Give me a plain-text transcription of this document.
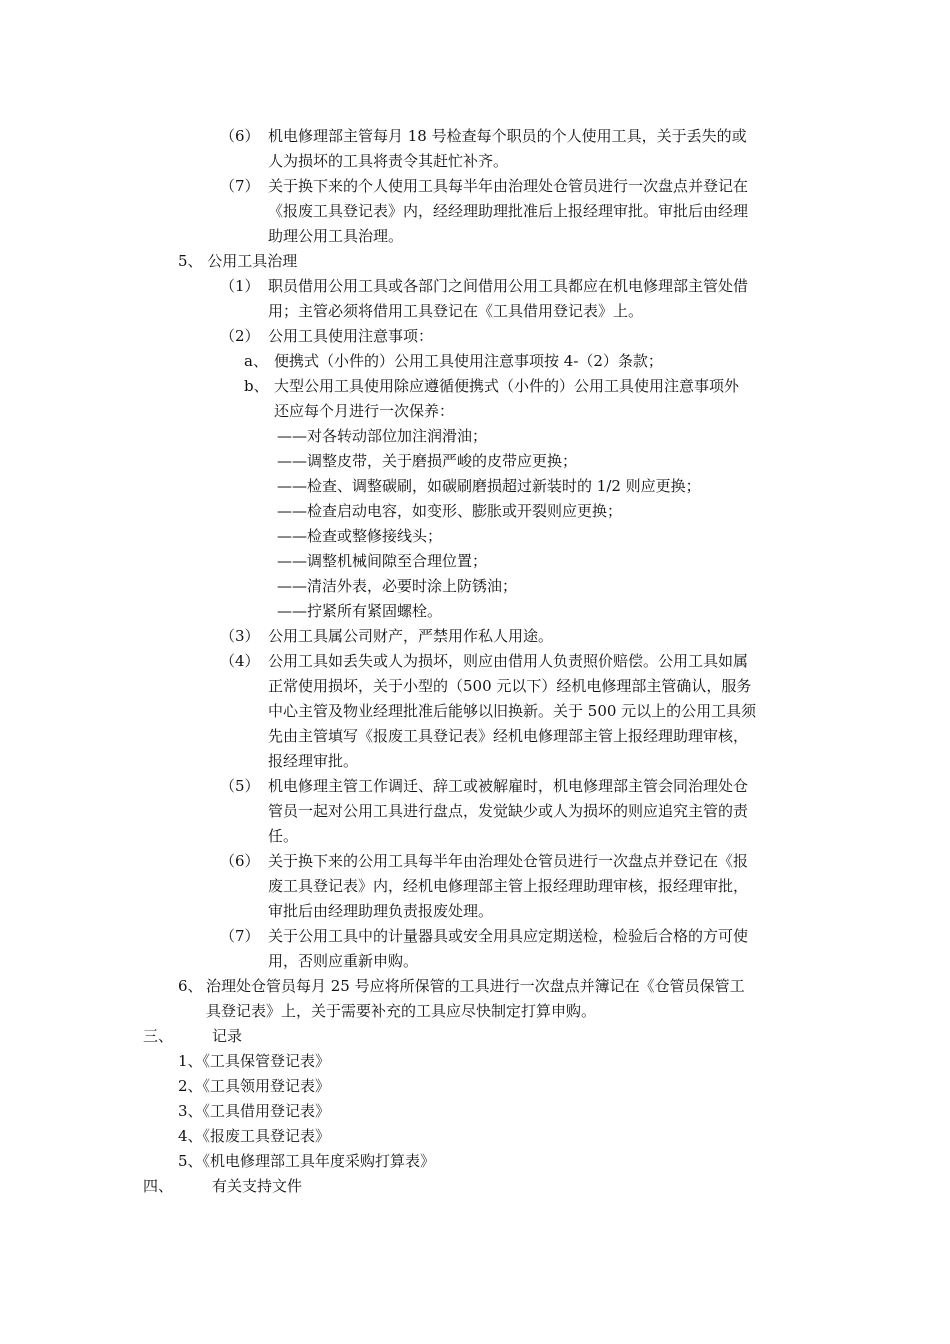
（6） 机电修理部主管每月 18 号检查每个职员的个人使用工具，关于丢失的或
人为损坏的工具将责令其赶忙补齐。
（7） 关于换下来的个人使用工具每半年由治理处仓管员进行一次盘点并登记在
《报废工具登记表》内，经经理助理批准后上报经理审批。审批后由经理
助理公用工具治理。
5、 公用工具治理
（1） 职员借用公用工具或各部门之间借用公用工具都应在机电修理部主管处借
用；主管必须将借用工具登记在《工具借用登记表》上。
（2） 公用工具使用注意事项：
a、 便携式（小件的）公用工具使用注意事项按 4-（2）条款；
b、 大型公用工具使用除应遵循便携式（小件的）公用工具使用注意事项外
还应每个月进行一次保养：
——对各转动部位加注润滑油；
——调整皮带，关于磨损严峻的皮带应更换；
——检查、调整碳刷，如碳刷磨损超过新装时的 1/2 则应更换；
——检查启动电容，如变形、膨胀或开裂则应更换；
——检查或整修接线头；
——调整机械间隙至合理位置；
——清洁外表，必要时涂上防锈油；
——拧紧所有紧固螺栓。
（3） 公用工具属公司财产，严禁用作私人用途。
（4） 公用工具如丢失或人为损坏，则应由借用人负责照价赔偿。公用工具如属
正常使用损坏，关于小型的（500 元以下）经机电修理部主管确认，服务
中心主管及物业经理批准后能够以旧换新。关于 500 元以上的公用工具须
先由主管填写《报废工具登记表》经机电修理部主管上报经理助理审核，
报经理审批。
（5） 机电修理主管工作调迁、辞工或被解雇时，机电修理部主管会同治理处仓
管员一起对公用工具进行盘点，发觉缺少或人为损坏的则应追究主管的责
任。
（6） 关于换下来的公用工具每半年由治理处仓管员进行一次盘点并登记在《报
废工具登记表》内，经机电修理部主管上报经理助理审核，报经理审批，
审批后由经理助理负责报废处理。
（7） 关于公用工具中的计量器具或安全用具应定期送检，检验后合格的方可使
用，否则应重新申购。
6、 治理处仓管员每月 25 号应将所保管的工具进行一次盘点并簿记在《仓管员保管工
具登记表》上，关于需要补充的工具应尽快制定打算申购。
三、	记录
1、《工具保管登记表》
2、《工具领用登记表》
3、《工具借用登记表》
4、《报废工具登记表》
5、《机电修理部工具年度采购打算表》
四、	有关支持文件
